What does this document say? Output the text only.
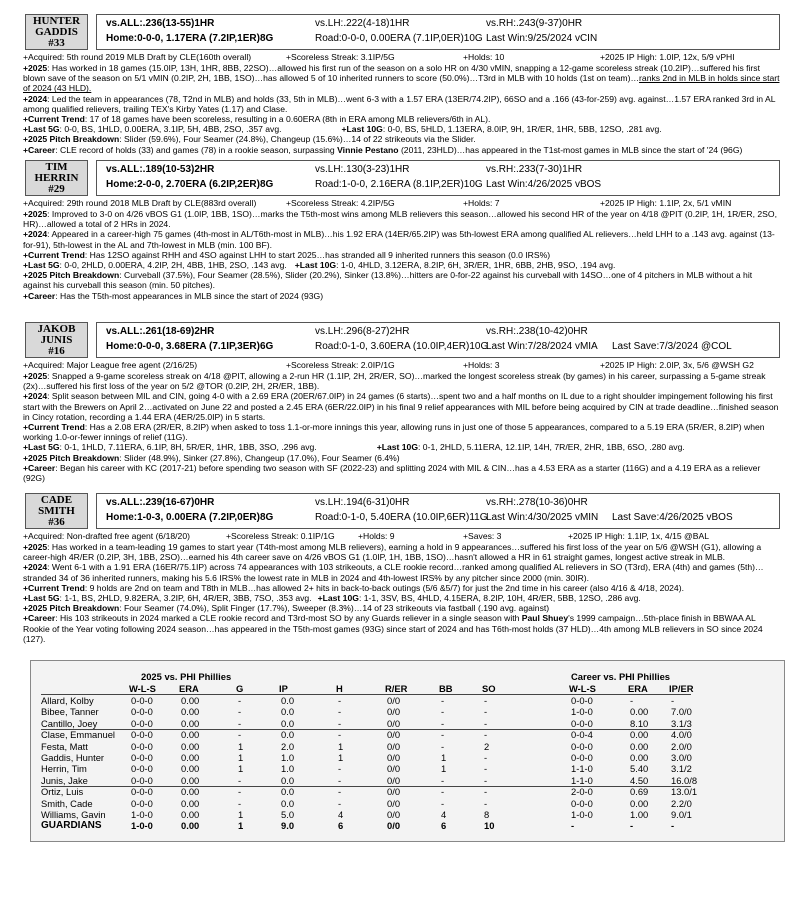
HUNTER
GADDIS
#33
vs.ALL:.236(13-55)1HR	vs.LH:.222(4-18)1HR	vs.RH:.243(9-37)0HR
Home:0-0-0, 1.17ERA (7.2IP,1ER)8G	Road:0-0-0, 0.00ERA (7.1IP,0ER)10G Last Win:9/25/2024 vCIN
+Acquired: 5th round 2019 MLB Draft by CLE(160th overall)	+Scoreless Streak: 3.1IP/5G	+Holds: 10	+2025 IP High: 1.0IP, 12x, 5/9 vPHI

+2025: Has worked in 18 games (15.0IP, 13H, 1HR, 8BB, 22SO)…allowed his first run of the season on a solo HR on 4/30 vMIN, snapping a 12-game scoreless streak (10.2IP)…suffered his first blown save of the season on 5/1 vMIN (0.2IP, 2H, 1BB, 1SO)…has allowed 5 of 10 inherited runners to score (50.0%)…T3rd in MLB with 10 holds (1st on team)…ranks 2nd in MLB in holds since start of 2024 (43 HLD).

+2024: Led the team in appearances (78, T2nd in MLB) and holds (33, 5th in MLB)…went 6-3 with a 1.57 ERA (13ER/74.2IP), 66SO and a .166 (43-for-259) avg. against…1.57 ERA ranked 3rd in AL among qualified relievers, trailing TEX's Kirby Yates (1.17) and Clase.

+Current Trend: 17 of 18 games have been scoreless, resulting in a 0.60ERA (8th in ERA among MLB relievers/6th in AL).

+Last 5G: 0-0, BS, 1HLD, 0.00ERA, 3.1IP, 5H, 4BB, 2SO, .357 avg.	+Last 10G: 0-0, BS, 5HLD, 1.13ERA, 8.0IP, 9H, 1R/ER, 1HR, 5BB, 12SO, .281 avg.

+2025 Pitch Breakdown: Slider (59.6%), Four Seamer (24.8%), Changeup (15.6%)…14 of 22 strikeouts via the Slider.

+Career: CLE record of holds (33) and games (78) in a rookie season, surpassing Vinnie Pestano (2011, 23HLD)…has appeared in the T1st-most games in MLB since the start of '24 (96G)

TIM
HERRIN
#29
vs.ALL:.189(10-53)2HR	vs.LH:.130(3-23)1HR	vs.RH:.233(7-30)1HR
Home:2-0-0, 2.70ERA (6.2IP,2ER)8G	Road:1-0-0, 2.16ERA (8.1IP,2ER)10G Last Win:4/26/2025 vBOS
+Acquired: 29th round 2018 MLB Draft by CLE(883rd overall)	+Scoreless Streak: 4.2IP/5G	+Holds: 7	+2025 IP High: 1.1IP, 2x, 5/1 vMIN

+2025: Improved to 3-0 on 4/26 vBOS G1 (1.0IP, 1BB, 1SO)…marks the T5th-most wins among MLB relievers this season…allowed his second HR of the year on 4/18 @PIT (0.2IP, 1H, 1R/ER, 2SO, HR)…allowed a total of 2 HRs in 2024.

+2024: Appeared in a career-high 75 games (4th-most in AL/T6th-most in MLB)…his 1.92 ERA (14ER/65.2IP) was 5th-lowest ERA among qualified AL relievers…held LHH to a .143 avg. against (13-for-91), 5th-lowest in the AL and 7th-lowest in MLB (min. 100 BF).

+Current Trend: Has 12SO against RHH and 4SO against LHH to start 2025…has stranded all 9 inherited runners this season (0.0 IRS%)

+Last 5G: 0-0, 2HLD, 0.00ERA, 4.2IP, 2H, 4BB, 1HB, 2SO, .143 avg. +Last 10G: 1-0, 4HLD, 3.12ERA, 8.2IP, 6H, 3R/ER, 1HR, 6BB, 2HB, 9SO, .194 avg.

+2025 Pitch Breakdown: Curveball (37.5%), Four Seamer (28.5%), Slider (20.2%), Sinker (13.8%)…hitters are 0-for-22 against his curveball with 14SO…one of 4 pitchers in MLB without a hit against his curveball this season (min. 50 pitches).

+Career: Has the T5th-most appearances in MLB since the start of 2024 (93G)

JAKOB
JUNIS
#16
vs.ALL:.261(18-69)2HR	vs.LH:.296(8-27)2HR	vs.RH:.238(10-42)0HR
Home:0-0-0, 3.68ERA (7.1IP,3ER)6G	Road:0-1-0, 3.60ERA (10.0IP,4ER)10G
Last Win:7/28/2024 vMIA Last Save:7/3/2024 @COL
+Acquired: Major League free agent (2/16/25)	+Scoreless Streak: 2.0IP/1G	+Holds: 3	+2025 IP High: 2.0IP, 3x, 5/6 @WSH G2

+2025: Snapped a 9-game scoreless streak on 4/18 @PIT, allowing a 2-run HR (1.1IP, 2H, 2R/ER, SO)…marked the longest scoreless streak (by games) in his career, surpassing a 5-game streak (2x)…suffered his first loss of the year on 5/2 @TOR (0.2IP, 2H, 2R/ER, 1BB).

+2024: Split season between MIL and CIN, going 4-0 with a 2.69 ERA (20ER/67.0IP) in 24 games (6 starts)…spent two and a half months on IL due to a right shoulder impingement following his first start with the Brewers on April 2…activated on June 22 and posted a 2.45 ERA (6ER/22.0IP) in his final 9 relief appearances with MIL before being acquired by CIN at trade deadline…finished season in Cincy rotation, recording a 1.44 ERA (4ER/25.0IP) in 5 starts.

+Current Trend: Has a 2.08 ERA (2R/ER, 8.2IP) when asked to toss 1.1-or-more innings this year, allowing runs in just one of those 5 appearances, compared to a 5.19 ERA (5R/ER, 8.2IP) when working 1.0-or-fewer innings of relief (11G).

+Last 5G: 0-1, 1HLD, 7.11ERA, 6.1IP, 8H, 5R/ER, 1HR, 1BB, 3SO, .296 avg.	+Last 10G: 0-1, 2HLD, 5.11ERA, 12.1IP, 14H, 7R/ER, 2HR, 1BB, 6SO, .280 avg.

+2025 Pitch Breakdown: Slider (48.9%), Sinker (27.8%), Changeup (17.0%), Four Seamer (6.4%)

+Career: Began his career with KC (2017-21) before spending two season with SF (2022-23) and splitting 2024 with MIL & CIN…has a 4.53 ERA as a starter (116G) and a 4.19 ERA as a reliever (92G)

CADE
SMITH
#36
vs.ALL:.239(16-67)0HR	vs.LH:.194(6-31)0HR	vs.RH:.278(10-36)0HR
Home:1-0-3, 0.00ERA (7.2IP,0ER)8G	Road:0-1-0, 5.40ERA (10.0IP,6ER)11G
Last Win:4/30/2025 vMIN Last Save:4/26/2025 vBOS
+Acquired: Non-drafted free agent (6/18/20)	+Scoreless Streak: 0.1IP/1G	+Holds: 9	+Saves: 3	+2025 IP High: 1.1IP, 1x, 4/15 @BAL

+2025: Has worked in a team-leading 19 games to start year (T4th-most among MLB relievers), earning a hold in 9 appearances…suffered his first loss of the year on 5/6 @WSH (G1), allowing a career-high 4R/ER (0.2IP, 3H, 1BB, 2SO)…earned his 4th career save on 4/26 vBOS G1 (1.0IP, 1H, 1BB, 1SO)…hasn't allowed a HR in 61 straight games, longest active streak in MLB.

+2024: Went 6-1 with a 1.91 ERA (16ER/75.1IP) across 74 appearances with 103 strikeouts, a CLE rookie record…ranked among qualified AL relievers in SO (T3rd), ERA (4th) and games (5th)…stranded 34 of 36 inherited runners, making his 5.6 IRS% the lowest rate in MLB in 2024 and 4th-lowest IRS% by any pitcher since 2000 (min. 30IR).

+Current Trend: 9 holds are 2nd on team and T8th in MLB…has allowed 2+ hits in back-to-back outings (5/6 &5/7) for just the 2nd time in his career (also 4/16 & 4/18, 2024).

+Last 5G: 1-1, BS, 2HLD, 9.82ERA, 3.2IP, 6H, 4R/ER, 3BB, 7SO, .353 avg. +Last 10G: 1-1, 3SV, BS, 4HLD, 4.15ERA, 8.2IP, 10H, 4R/ER, 5BB, 12SO, .286 avg.

+2025 Pitch Breakdown: Four Seamer (74.0%), Split Finger (17.7%), Sweeper (8.3%)…14 of 23 strikeouts via fastball (.190 avg. against)

+Career: His 103 strikeouts in 2024 marked a CLE rookie record and T3rd-most SO by any Guards reliever in a single season with Paul Shuey's 1999 campaign…5th-place finish in BBWAA AL Rookie of the Year voting following 2024 season…has appeared in the T5th-most games (93G) since start of 2024 and has T6th-most holds (37 HLD)…4th among MLB relievers in SO since 2024 (127).

2025 vs. PHI Phillies	Career vs. PHI Phillies
W-L-S ERA	G	IP	H	R/ER	BB	SO	W-L-S	ERA IP/ER
Allard, Kolby	0-0-0	0.00	-	0.0	-	0/0	-	-	0-0-0	-	-
Bibee, Tanner	0-0-0	0.00	-	0.0	-	0/0	-	-	1-0-0	0.00 7.0/0
Cantillo, Joey	0-0-0	0.00	-	0.0	-	0/0	-	-	0-0-0	8.10 3.1/3
Clase, Emmanuel 0-0-0	0.00	-	0.0	-	0/0	-	-	0-0-4	0.00 4.0/0
Festa, Matt	0-0-0	0.00	1	2.0	1	0/0	-	2	0-0-0	0.00 2.0/0
Gaddis, Hunter	0-0-0	0.00	1	1.0	1	0/0	1	-	0-0-0	0.00 3.0/0
Herrin, Tim	0-0-0	0.00	1	1.0	-	0/0	1	-	1-1-0	5.40 3.1/2
Junis, Jake	0-0-0	0.00	-	0.0	-	0/0	-	-	1-1-0	4.50 16.0/8
Ortiz, Luis	0-0-0	0.00	-	0.0	-	0/0	-	-	2-0-0	0.69 13.0/1
Smith, Cade	0-0-0	0.00	-	0.0	-	0/0	-	-	0-0-0	0.00 2.2/0
Williams, Gavin	1-0-0	0.00	1	5.0	4	0/0	4	8	1-0-0	1.00 9.0/1
GUARDIANS	1-0-0	0.00	1	9.0	6	0/0	6	10	-	-	-
